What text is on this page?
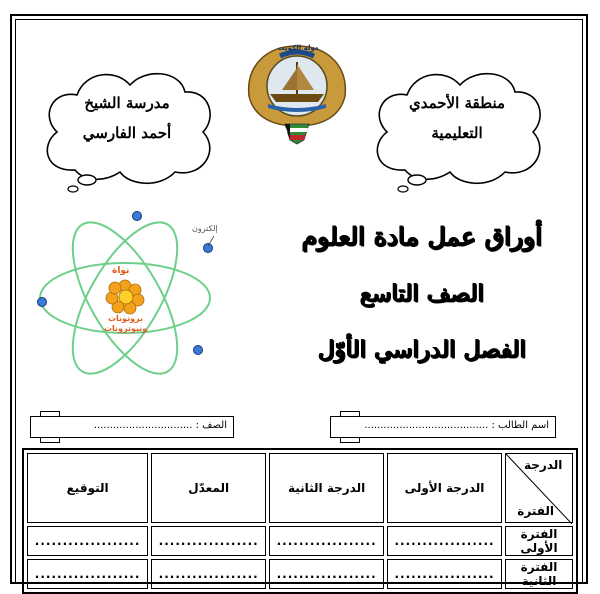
مدرسة الشيخ
أحمد الفارسي
منطقة الأحمدي
التعليمية
دولة الكويت
أوراق عمل مادة العلوم
الصف التاسع
الفصل الدراسي الأوّل
إلكترون
نواة
بروتونات
ونيوترونات
اسم الطالب : .......................................
الصف : ...............................
الدرجة
الفترة	الدرجة الأولى	الدرجة الثانية	المعدّل	التوقيع
الفترة الأولى	..................	..................	..................	...................
الفترة الثانية	..................	..................	..................	...................
